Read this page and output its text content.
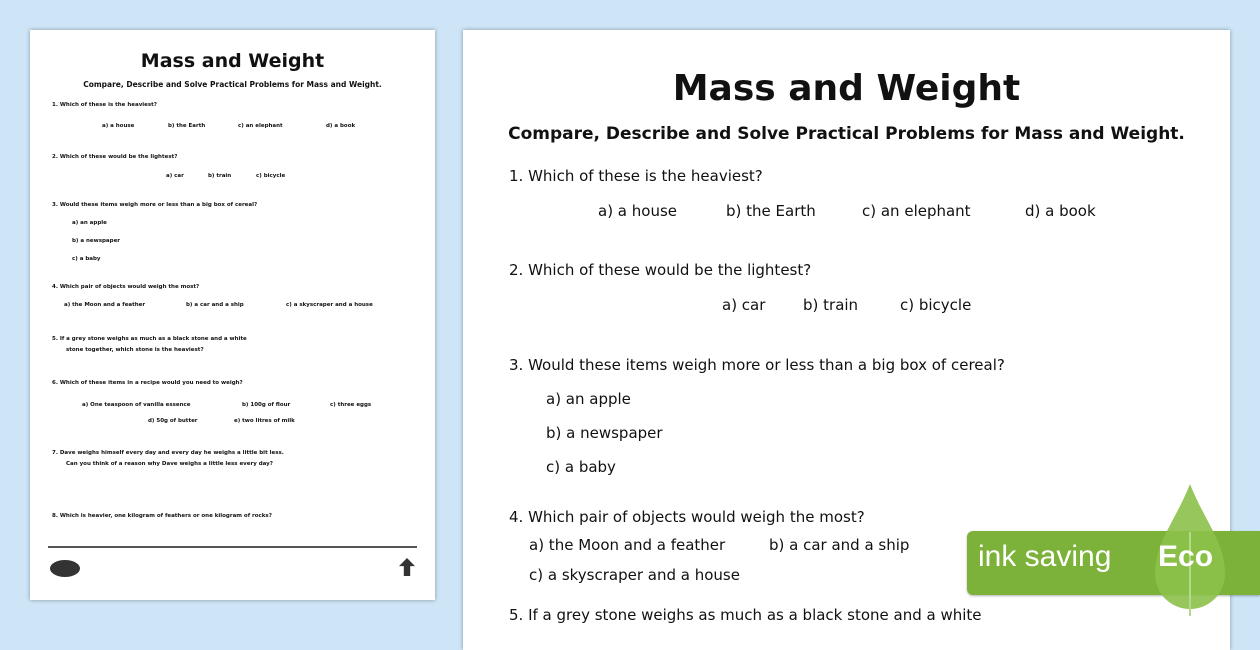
Mass and Weight
Compare, Describe and Solve Practical Problems for Mass and Weight.
1. Which of these is the heaviest?
a) a house	b) the Earth	c) an elephant	d) a book
2. Which of these would be the lightest?
a) car	b) train	c) bicycle
3. Would these items weigh more or less than a big box of cereal?
a) an apple
b) a newspaper
c) a baby
4. Which pair of objects would weigh the most?
a) the Moon and a feather	b) a car and a ship	c) a skyscraper and a house
5. If a grey stone weighs as much as a black stone and a white
stone together, which stone is the heaviest?
6. Which of these items in a recipe would you need to weigh?
a) One teaspoon of vanilla essence	b) 100g of flour	c) three eggs
d) 50g of butter	e) two litres of milk
7. Dave weighs himself every day and every day he weighs a little bit less.
Can you think of a reason why Dave weighs a little less every day?
8. Which is heavier, one kilogram of feathers or one kilogram of rocks?
Mass and Weight
Compare, Describe and Solve Practical Problems for Mass and Weight.
1. Which of these is the heaviest?
a) a house	b) the Earth	c) an elephant	d) a book
2. Which of these would be the lightest?
a) car	b) train	c) bicycle
3. Would these items weigh more or less than a big box of cereal?
a) an apple
b) a newspaper
c) a baby
4. Which pair of objects would weigh the most?
a) the Moon and a feather	b) a car and a ship
c) a skyscraper and a house
5. If a grey stone weighs as much as a black stone and a white
ink saving Eco
